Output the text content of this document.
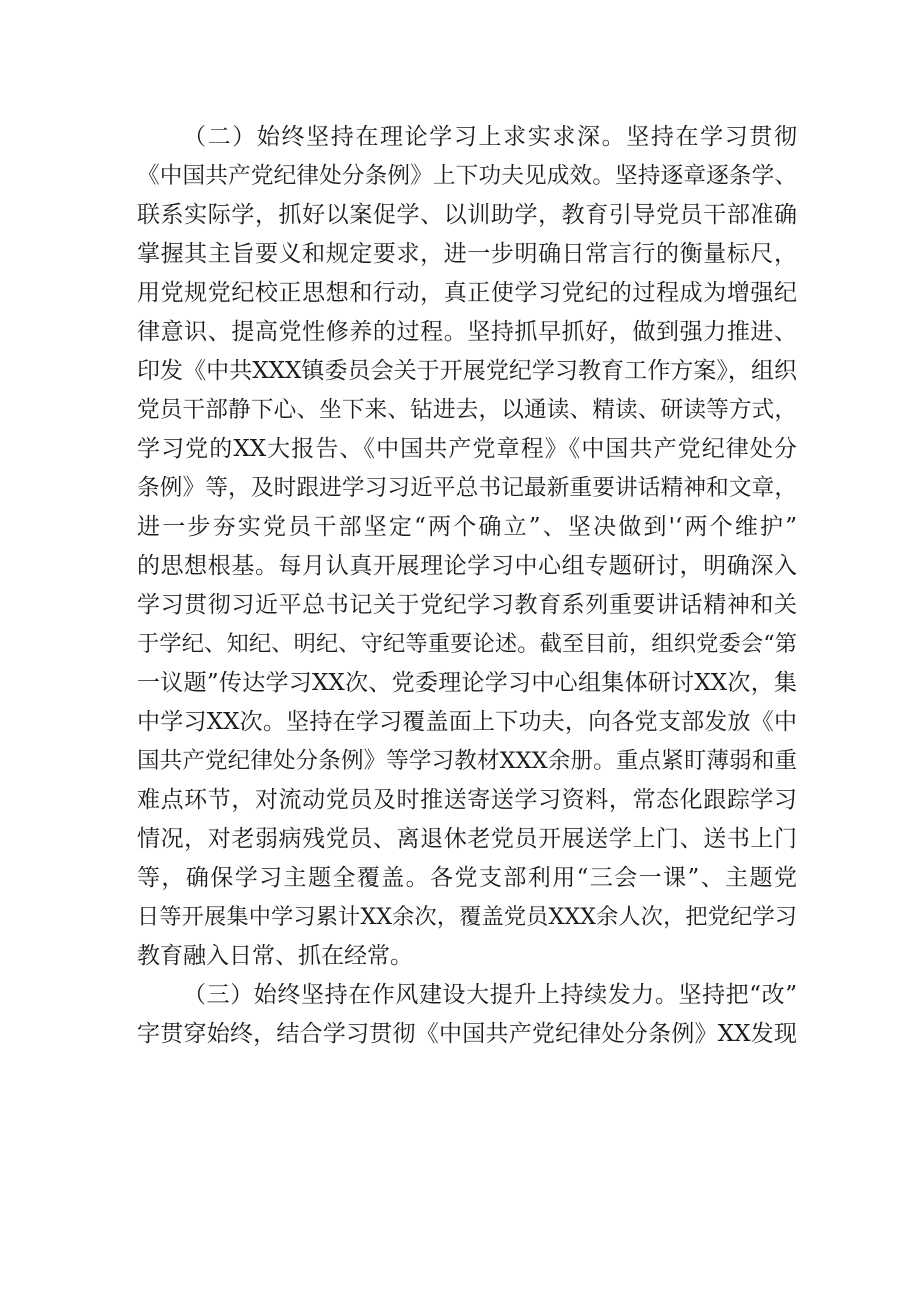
（二）始终坚持在理论学习上求实求深。坚持在学习贯彻
《中国共产党纪律处分条例》上下功夫见成效。坚持逐章逐条学、
联系实际学，抓好以案促学、以训助学，教育引导党员干部准确
掌握其主旨要义和规定要求，进一步明确日常言行的衡量标尺，
用党规党纪校正思想和行动，真正使学习党纪的过程成为增强纪
律意识、提高党性修养的过程。坚持抓早抓好，做到强力推进、
印发《中共XXX镇委员会关于开展党纪学习教育工作方案》，组织
党员干部静下心、坐下来、钻进去，以通读、精读、研读等方式，
学习党的XX大报告、《中国共产党章程》《中国共产党纪律处分
条例》等，及时跟进学习习近平总书记最新重要讲话精神和文章，
进一步夯实党员干部坚定“两个确立”、坚决做到'‘两个维护”
的思想根基。每月认真开展理论学习中心组专题研讨，明确深入
学习贯彻习近平总书记关于党纪学习教育系列重要讲话精神和关
于学纪、知纪、明纪、守纪等重要论述。截至目前，组织党委会“第
一议题”传达学习XX次、党委理论学习中心组集体研讨XX次，集
中学习XX次。坚持在学习覆盖面上下功夫，向各党支部发放《中
国共产党纪律处分条例》等学习教材XXX余册。重点紧盯薄弱和重
难点环节，对流动党员及时推送寄送学习资料，常态化跟踪学习
情况，对老弱病残党员、离退休老党员开展送学上门、送书上门
等，确保学习主题全覆盖。各党支部利用“三会一课”、主题党
日等开展集中学习累计XX余次，覆盖党员XXX余人次，把党纪学习
教育融入日常、抓在经常。
（三）始终坚持在作风建设大提升上持续发力。坚持把“改”
字贯穿始终，结合学习贯彻《中国共产党纪律处分条例》XX发现
